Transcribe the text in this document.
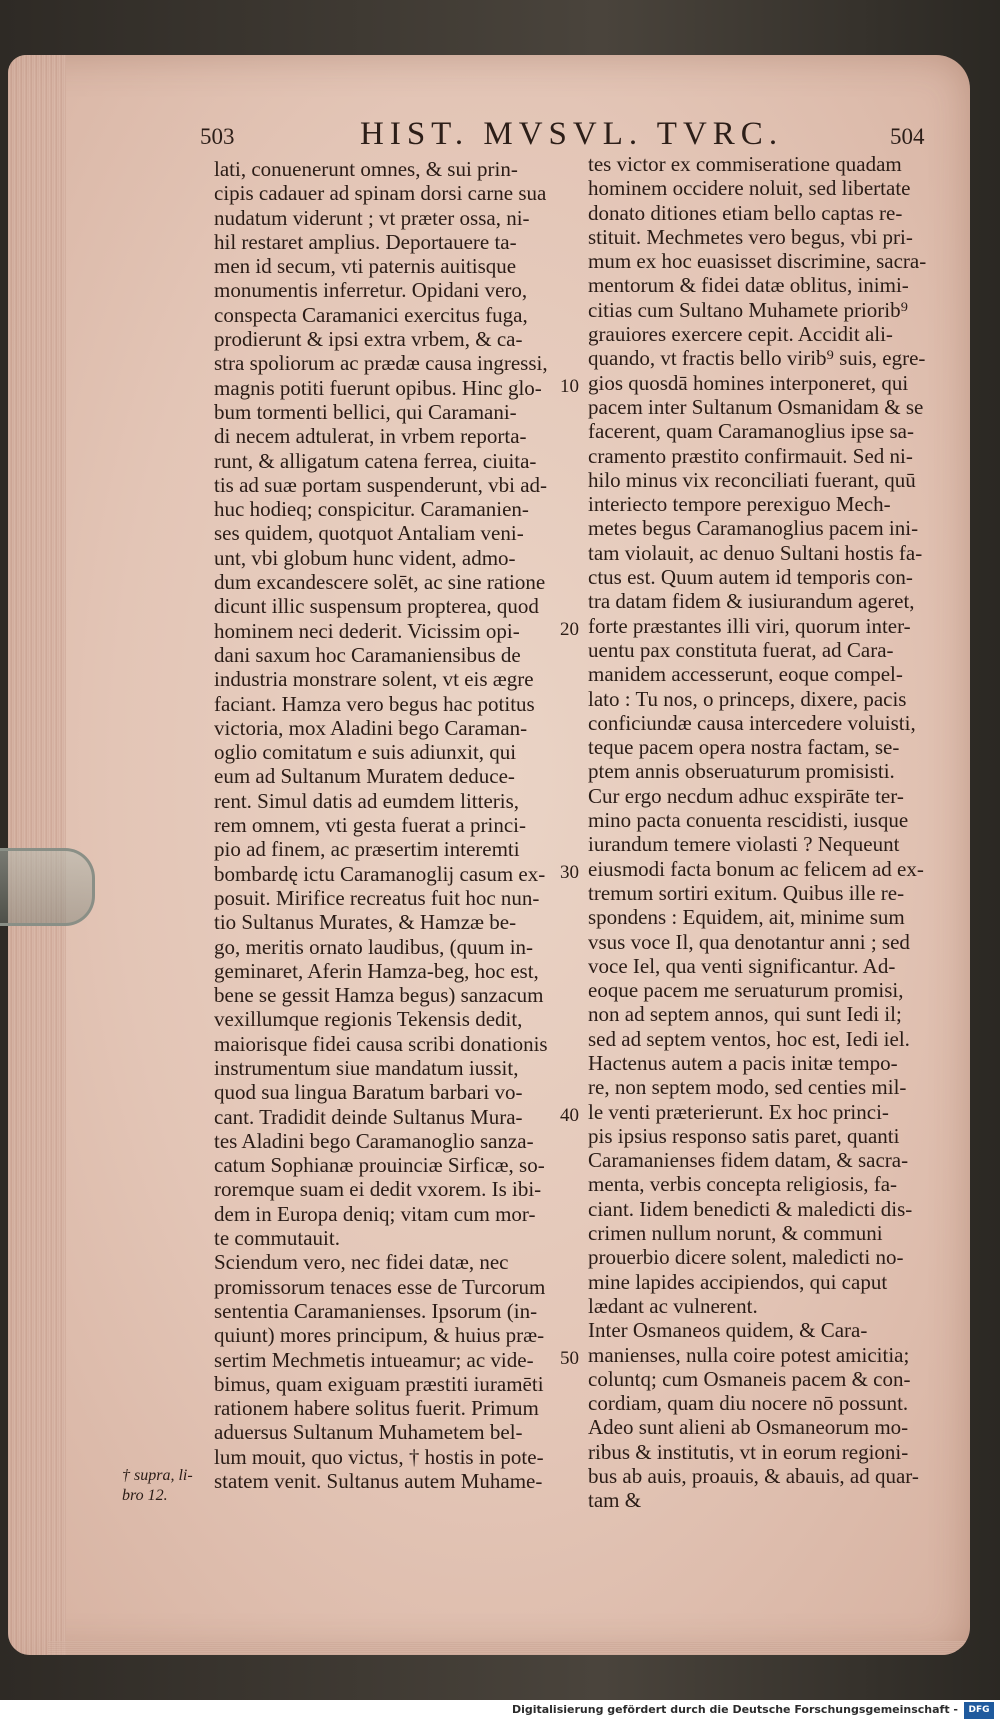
503	HIST. MVSVL. TVRC.	504
lati, conuenerunt omnes, & sui prin-
cipis cadauer ad spinam dorsi carne sua
nudatum viderunt ; vt præter ossa, ni-
hil restaret amplius. Deportauere ta-
men id secum, vti paternis auitisque
monumentis inferretur. Opidani vero,
conspecta Caramanici exercitus fuga,
prodierunt & ipsi extra vrbem, & ca-
stra spoliorum ac prædæ causa ingressi,
magnis potiti fuerunt opibus. Hinc glo-
bum tormenti bellici, qui Caramani-
di necem adtulerat, in vrbem reporta-
runt, & alligatum catena ferrea, ciuita-
tis ad suæ portam suspenderunt, vbi ad-
huc hodieq; conspicitur. Caramanien-
ses quidem, quotquot Antaliam veni-
unt, vbi globum hunc vident, admo-
dum excandescere solēt, ac sine ratione
dicunt illic suspensum propterea, quod
hominem neci dederit. Vicissim opi-
dani saxum hoc Caramaniensibus de
industria monstrare solent, vt eis ægre
faciant. Hamza vero begus hac potitus
victoria, mox Aladini bego Caraman-
oglio comitatum e suis adiunxit, qui
eum ad Sultanum Muratem deduce-
rent. Simul datis ad eumdem litteris,
rem omnem, vti gesta fuerat a princi-
pio ad finem, ac præsertim interemti
bombardę ictu Caramanoglij casum ex-
posuit. Mirifice recreatus fuit hoc nun-
tio Sultanus Murates, & Hamzæ be-
go, meritis ornato laudibus, (quum in-
geminaret, Aferin Hamza-beg, hoc est,
bene se gessit Hamza begus) sanzacum
vexillumque regionis Tekensis dedit,
maiorisque fidei causa scribi donationis
instrumentum siue mandatum iussit,
quod sua lingua Baratum barbari vo-
cant. Tradidit deinde Sultanus Mura-
tes Aladini bego Caramanoglio sanza-
catum Sophianæ prouinciæ Sirficæ, so-
roremque suam ei dedit vxorem. Is ibi-
dem in Europa deniq; vitam cum mor-
te commutauit.
Sciendum vero, nec fidei datæ, nec
promissorum tenaces esse de Turcorum
sententia Caramanienses. Ipsorum (in-
quiunt) mores principum, & huius præ-
sertim Mechmetis intueamur; ac vide-
bimus, quam exiguam præstiti iuramēti
rationem habere solitus fuerit. Primum
aduersus Sultanum Muhametem bel-
lum mouit, quo victus, † hostis in pote-
statem venit. Sultanus autem Muhame-
tes victor ex commiseratione quadam
hominem occidere noluit, sed libertate
donato ditiones etiam bello captas re-
stituit. Mechmetes vero begus, vbi pri-
mum ex hoc euasisset discrimine, sacra-
mentorum & fidei datæ oblitus, inimi-
citias cum Sultano Muhamete priorib⁹
grauiores exercere cepit. Accidit ali-
quando, vt fractis bello virib⁹ suis, egre-
gios quosdā homines interponeret, qui
pacem inter Sultanum Osmanidam & se
facerent, quam Caramanoglius ipse sa-
cramento præstito confirmauit. Sed ni-
hilo minus vix reconciliati fuerant, quū
interiecto tempore perexiguo Mech-
metes begus Caramanoglius pacem ini-
tam violauit, ac denuo Sultani hostis fa-
ctus est. Quum autem id temporis con-
tra datam fidem & iusiurandum ageret,
forte præstantes illi viri, quorum inter-
uentu pax constituta fuerat, ad Cara-
manidem accesserunt, eoque compel-
lato : Tu nos, o princeps, dixere, pacis
conficiundæ causa intercedere voluisti,
teque pacem opera nostra factam, se-
ptem annis obseruaturum promisisti.
Cur ergo necdum adhuc exspirāte ter-
mino pacta conuenta rescidisti, iusque
iurandum temere violasti ? Nequeunt
eiusmodi facta bonum ac felicem ad ex-
tremum sortiri exitum. Quibus ille re-
spondens : Equidem, ait, minime sum
vsus voce Il, qua denotantur anni ; sed
voce Iel, qua venti significantur. Ad-
eoque pacem me seruaturum promisi,
non ad septem annos, qui sunt Iedi il;
sed ad septem ventos, hoc est, Iedi iel.
Hactenus autem a pacis initæ tempo-
re, non septem modo, sed centies mil-
le venti præterierunt. Ex hoc princi-
pis ipsius responso satis paret, quanti
Caramanienses fidem datam, & sacra-
menta, verbis concepta religiosis, fa-
ciant. Iidem benedicti & maledicti dis-
crimen nullum norunt, & communi
prouerbio dicere solent, maledicti no-
mine lapides accipiendos, qui caput
lædant ac vulnerent.
Inter Osmaneos quidem, & Cara-
manienses, nulla coire potest amicitia;
coluntq; cum Osmaneis pacem & con-
cordiam, quam diu nocere nō possunt.
Adeo sunt alieni ab Osmaneorum mo-
ribus & institutis, vt in eorum regioni-
bus ab auis, proauis, & abauis, ad quar-
tam &
10
20
30
40
50
† supra, li-bro 12.
Digitalisierung gefördert durch die Deutsche Forschungsgemeinschaft -	DFG
